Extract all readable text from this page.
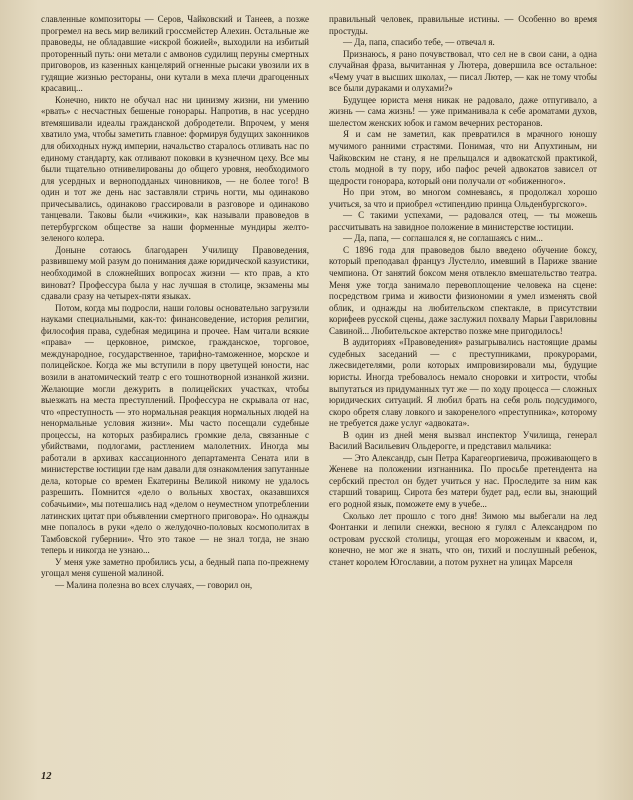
славленные композиторы — Серов, Чайковский и Танеев, а позже прогремел на весь мир великий гроссмейстер Алехин. Остальные же правоведы, не обладавшие «искрой божией», выходили на избитый проторенный путь: они метали с амвонов судилищ перуны смертных приговоров, из казенных канцелярий огненные рысаки увозили их в гудящие жизнью рестораны, они кутали в меха плечи драгоценных красавиц...

Конечно, никто не обучал нас ни цинизму жизни, ни умению «рвать» с несчастных бешеные гонорары. Напротив, в нас усердно втемяшивали идеалы гражданской добродетели. Впрочем, у меня хватило ума, чтобы заметить главное: формируя будущих законников для обиходных нужд империи, начальство старалось отливать нас по единому стандарту, как отливают поковки в кузнечном цеху. Все мы были тщательно отнивелированы до общего уровня, необходимого для усердных и верноподданых чиновников, — не более того! В один и тот же день нас заставляли стричь ногти, мы одинаково причесывались, одинаково грассировали в разговоре и одинаково танцевали. Таковы были «чижики», как называли правоведов в петербургском обществе за наши форменные мундиры желто-зеленого колера.

Доныне сотаюсь благодарен Училищу Правоведения, развившему мой разум до понимания даже юридической казуистики, необходимой в сложнейших вопросах жизни — кто прав, а кто виноват? Профессура была у нас лучшая в столице, экзамены мы сдавали сразу на четырех-пяти языках.

Потом, когда мы подросли, наши головы основательно загрузили науками специальными, как-то: финансоведение, история религии, философия права, судебная медицина и прочее. Нам читали всякие «права» — церковное, римское, гражданское, торговое, международное, государственное, тарифно-таможенное, морское и полицейское. Когда же мы вступили в пору цветущей юности, нас возили в анатомический театр с его тошнотворной изнанкой жизни. Желающие могли дежурить в полицейских участках, чтобы выезжать на места преступлений. Профессура не скрывала от нас, что «преступность — это нормальная реакция нормальных людей на ненормальные условия жизни». Мы часто посещали судебные процессы, на которых разбирались громкие дела, связанные с убийствами, подлогами, растлением малолетних. Иногда мы работали в архивах кассационного департамента Сената или в министерстве юстиции где нам давали для ознакомления запутанные дела, которые со времен Екатерины Великой никому не удалось разрешить. Помнится «дело о вольных хвостах, оказавшихся собачьими», мы потешались над «делом о неуместном употреблении латинских цитат при объявлении смертного приговора». Но однажды мне попалось в руки «дело о желудочно-половых космополитах в Тамбовской губернии». Что это такое — не знал тогда, не знаю теперь и никогда не узнаю...

У меня уже заметно пробились усы, а бедный папа по-прежнему угощал меня сушеной малиной.

— Малина полезна во всех случаях, — говорил он,

правильный человек, правильные истины. — Особенно во время простуды.

— Да, папа, спасибо тебе, — отвечал я.

Признаюсь, я рано почувствовал, что сел не в свои сани, а одна случайная фраза, вычитанная у Лютера, довершила все остальное: «Чему учат в высших школах, — писал Лютер, — как не тому чтобы все были дураками и олухами?»

Будущее юриста меня никак не радовало, даже отпугивало, а жизнь — сама жизнь! — уже приманивала к себе ароматами духов, шелестом женских юбок и гамом вечерних ресторанов.

Я и сам не заметил, как превратился в мрачного юношу мучимого ранними страстями. Понимая, что ни Апухтиным, ни Чайковским не стану, я не прельщался и адвокатской практикой, столь модной в ту пору, ибо пафос речей адвокатов зависел от щедрости гонорара, который они получали от «обиженного».

Но при этом, во многом сомневаясь, я продолжал хорошо учиться, за что и приобрел «стипендию принца Ольденбургского».

— С такими успехами, — радовался отец, — ты можешь рассчитывать на завидное положение в министерстве юстиции.

— Да, папа, — соглашался я, не соглашаясь с ним...

С 1896 года для правоведов было введено обучение боксу, который преподавал француз Лустелло, имевший в Париже звание чемпиона. От занятий боксом меня отвлекло вмешательство театра. Меня уже тогда занимало перевоплощение человека на сцене: посредством грима и живости физиономии я умел изменять свой облик, и однажды на любительском спектакле, в присутствии корифеев русской сцены, даже заслужил похвалу Марьи Гавриловны Савиной... Любительское актерство позже мне пригодилось!

В аудиториях «Правоведения» разыгрывались настоящие драмы судебных заседаний — с преступниками, прокурорами, лжесвидетелями, роли которых импровизировали мы, будущие юристы. Иногда требовалось немало сноровки и хитрости, чтобы выпутаться из придуманных тут же — по ходу процесса — сложных юридических ситуаций. Я любил брать на себя роль подсудимого, скоро обретя славу ловкого и закоренелого «преступника», которому не требуется даже услуг «адвоката».

В один из дней меня вызвал инспектор Училища, генерал Василий Васильевич Ольдерогге, и представил мальчика:

— Это Александр, сын Петра Карагеоргиевича, проживающего в Женеве на положении изгнанника. По просьбе претендента на сербский престол он будет учиться у нас. Проследите за ним как старший товарищ. Сирота без матери будет рад, если вы, знающий его родной язык, поможете ему в учебе...

Сколько лет прошло с того дня! Зимою мы выбегали на лед Фонтанки и лепили снежки, весною я гулял с Александром по островам русской столицы, угощая его мороженым и квасом, и, конечно, не мог же я знать, что он, тихий и послушный ребенок, станет королем Югославии, а потом рухнет на улицах Марселя

12
